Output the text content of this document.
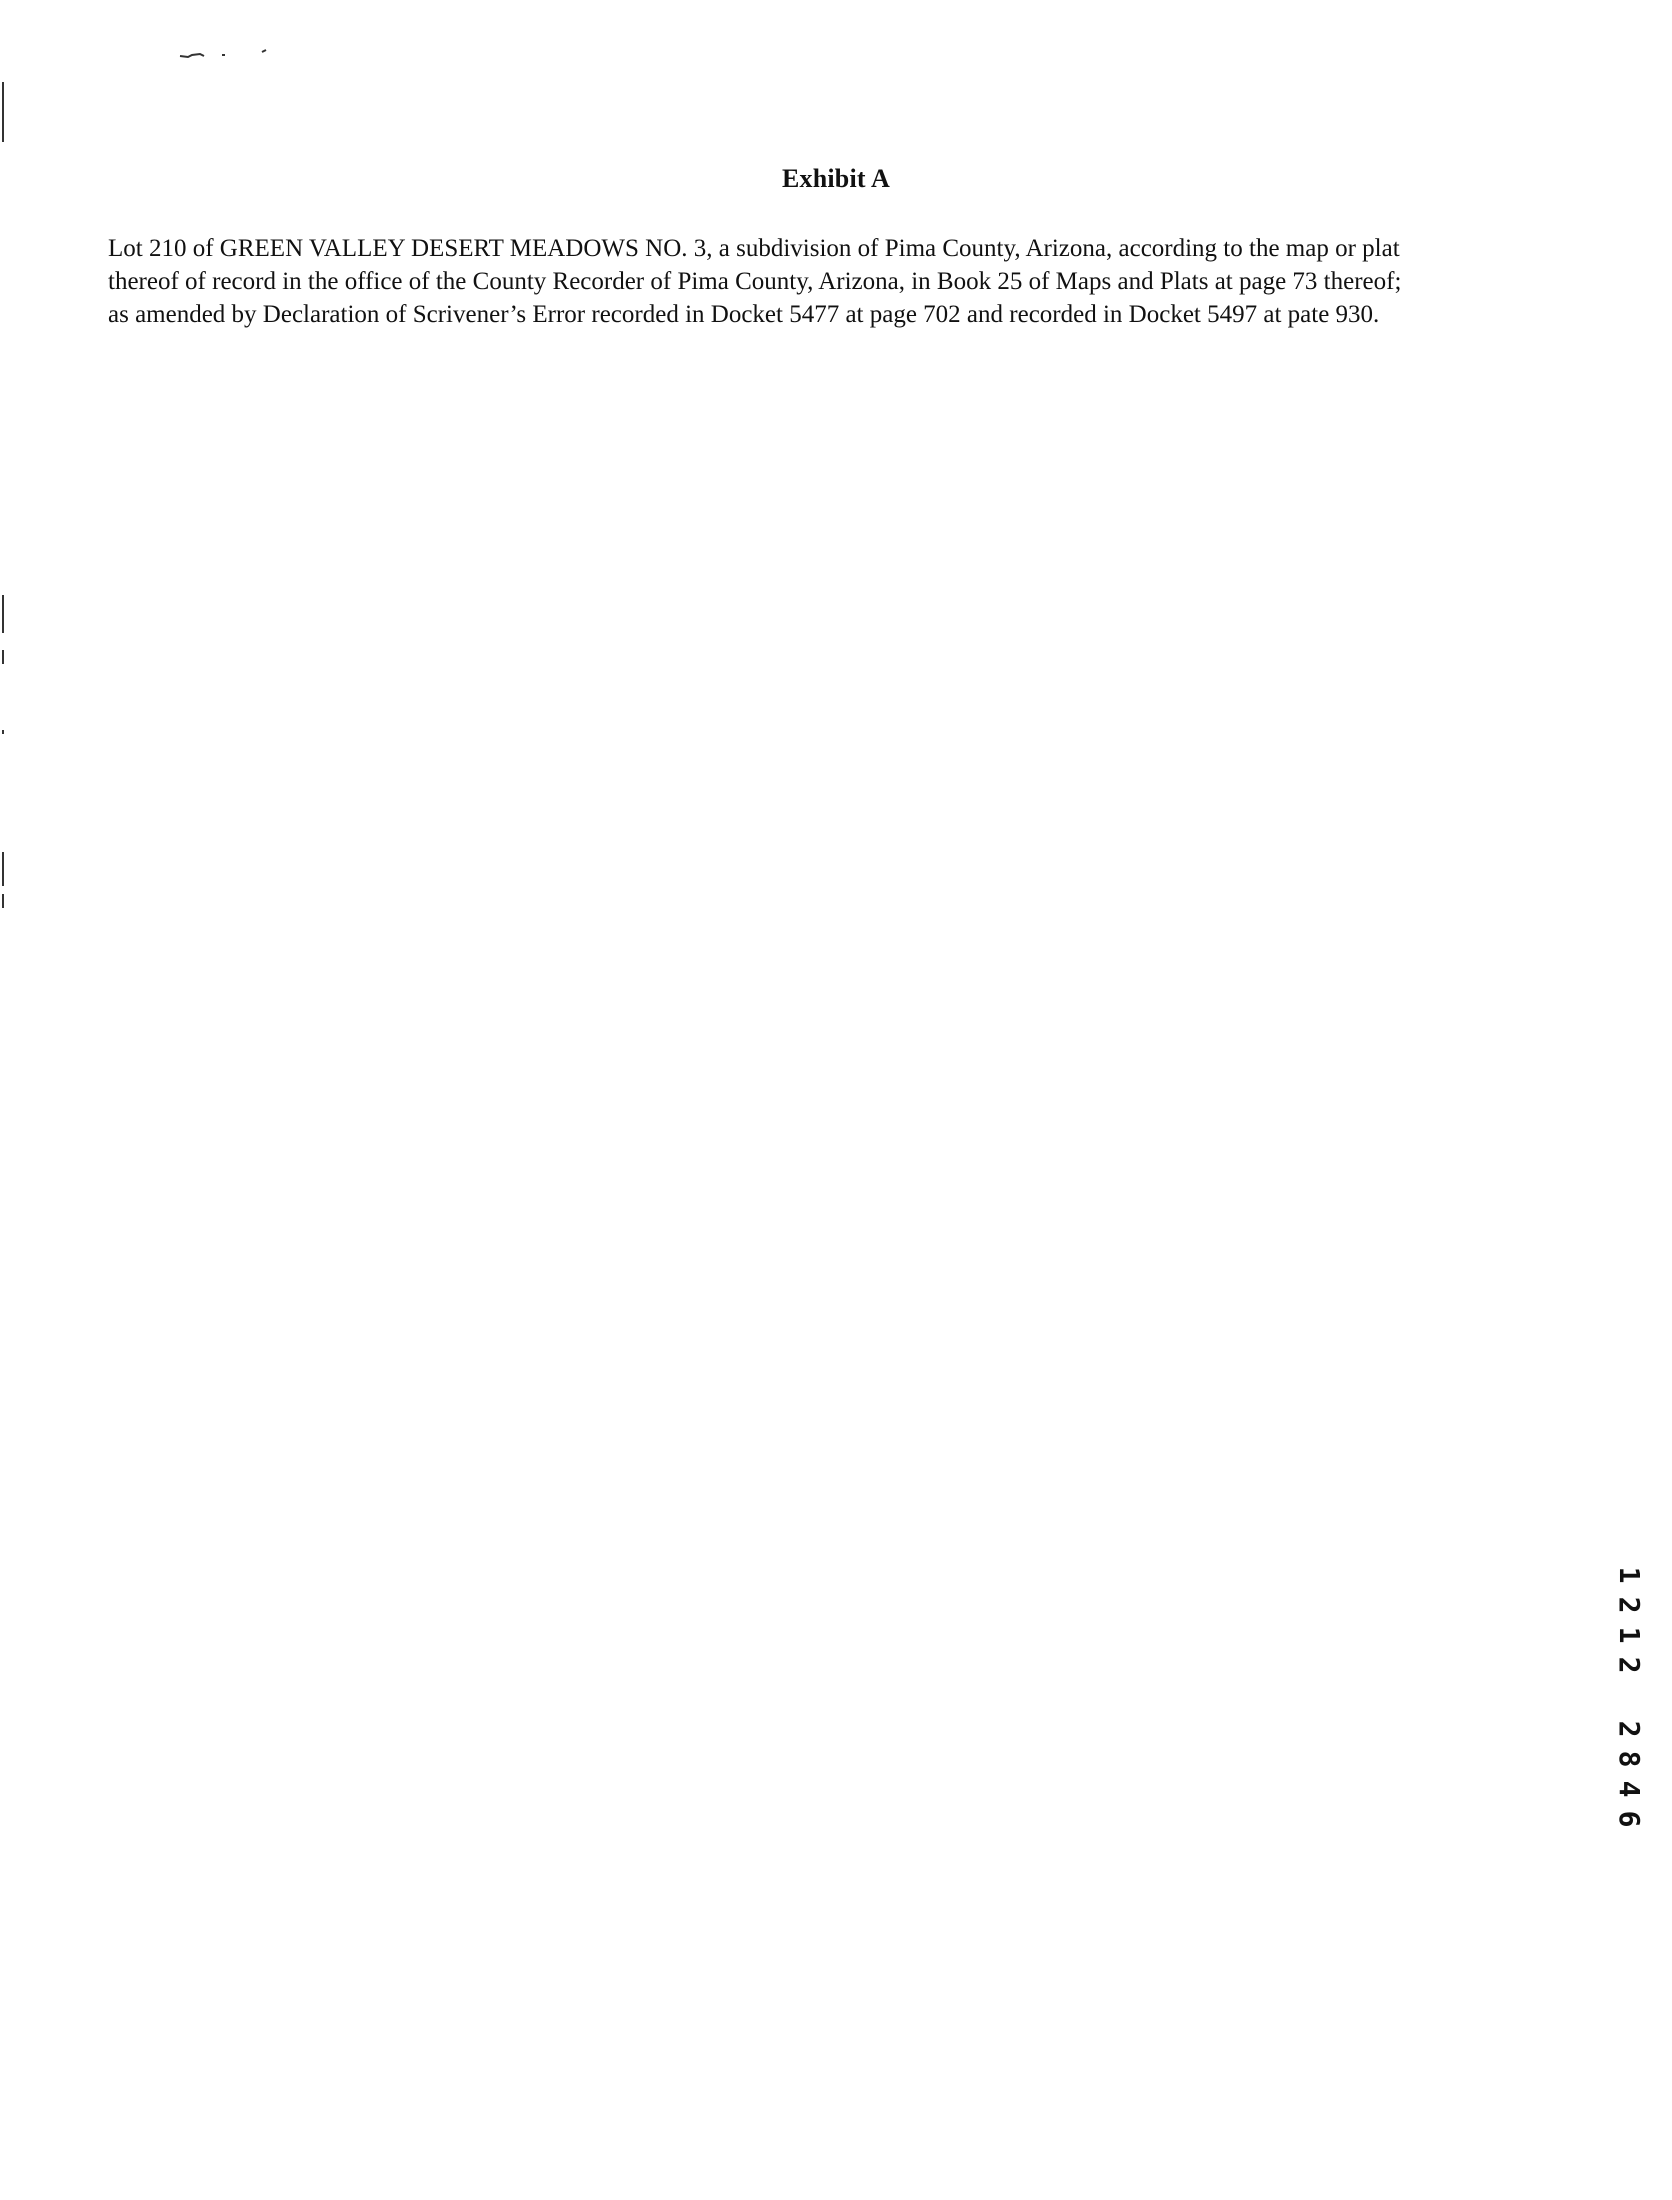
Exhibit A
Lot 210 of GREEN VALLEY DESERT MEADOWS NO. 3, a subdivision of Pima County, Arizona, according to the map or plat
thereof of record in the office of the County Recorder of Pima County, Arizona, in Book 25 of Maps and Plats at page 73 thereof;
as amended by Declaration of Scrivener’s Error recorded in Docket 5477 at page 702 and recorded in Docket 5497 at pate 930.
1
2
1
2
2
8
4
6
